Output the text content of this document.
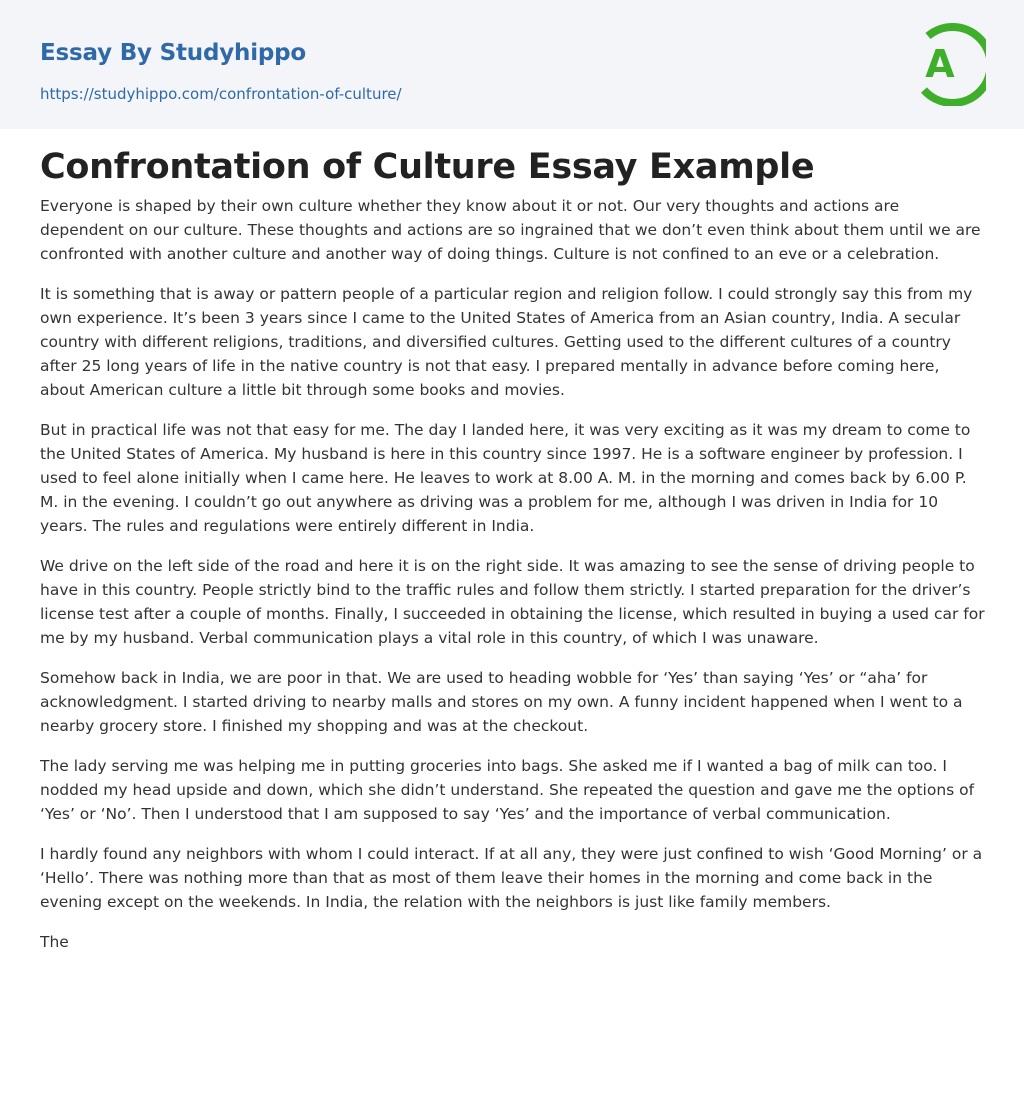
Essay By Studyhippo
https://studyhippo.com/confrontation-of-culture/
A
Confrontation of Culture Essay Example

Everyone is shaped by their own culture whether they know about it or not. Our very thoughts and actions are dependent on our culture. These thoughts and actions are so ingrained that we don’t even think about them until we are confronted with another culture and another way of doing things. Culture is not confined to an eve or a celebration.

It is something that is away or pattern people of a particular region and religion follow. I could strongly say this from my own experience. It’s been 3 years since I came to the United States of America from an Asian country, India. A secular country with different religions, traditions, and diversified cultures. Getting used to the different cultures of a country after 25 long years of life in the native country is not that easy. I prepared mentally in advance before coming here, about American culture a little bit through some books and movies.

But in practical life was not that easy for me. The day I landed here, it was very exciting as it was my dream to come to the United States of America. My husband is here in this country since 1997. He is a software engineer by profession. I used to feel alone initially when I came here. He leaves to work at 8.00 A. M. in the morning and comes back by 6.00 P. M. in the evening. I couldn’t go out anywhere as driving was a problem for me, although I was driven in India for 10 years. The rules and regulations were entirely different in India.

We drive on the left side of the road and here it is on the right side. It was amazing to see the sense of driving people to have in this country. People strictly bind to the traffic rules and follow them strictly. I started preparation for the driver’s license test after a couple of months. Finally, I succeeded in obtaining the license, which resulted in buying a used car for me by my husband. Verbal communication plays a vital role in this country, of which I was unaware.

Somehow back in India, we are poor in that. We are used to heading wobble for ‘Yes’ than saying ‘Yes’ or “aha’ for acknowledgment. I started driving to nearby malls and stores on my own. A funny incident happened when I went to a nearby grocery store. I finished my shopping and was at the checkout.

The lady serving me was helping me in putting groceries into bags. She asked me if I wanted a bag of milk can too. I nodded my head upside and down, which she didn’t understand. She repeated the question and gave me the options of ‘Yes’ or ‘No’. Then I understood that I am supposed to say ‘Yes’ and the importance of verbal communication.

I hardly found any neighbors with whom I could interact. If at all any, they were just confined to wish ‘Good Morning’ or a ‘Hello’. There was nothing more than that as most of them leave their homes in the morning and come back in the evening except on the weekends. In India, the relation with the neighbors is just like family members.

The
